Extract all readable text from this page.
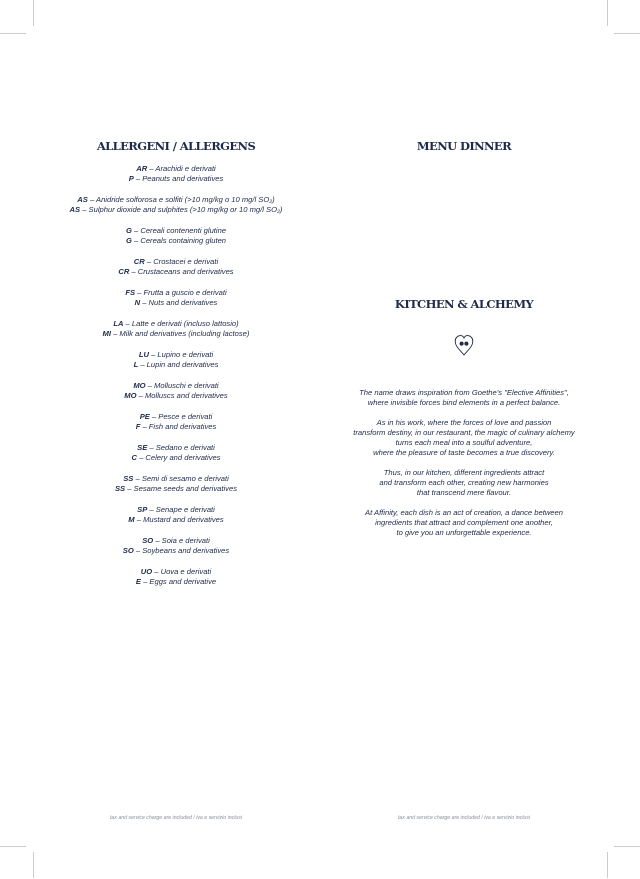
ALLERGENI / ALLERGENS
AR – Arachidi e derivati
P – Peanuts and derivatives
AS – Anidride solforosa e solfiti (>10 mg/kg o 10 mg/l SO₂)
AS – Sulphur dioxide and sulphites (>10 mg/kg or 10 mg/l SO₂)
G – Cereali contenenti glutine
G – Cereals containing gluten
CR – Crostacei e derivati
CR – Crustaceans and derivatives
FS – Frutta a guscio e derivati
N – Nuts and derivatives
LA – Latte e derivati (incluso lattosio)
MI – Milk and derivatives (including lactose)
LU – Lupino e derivati
L – Lupin and derivatives
MO – Molluschi e derivati
MO – Molluscs and derivatives
PE – Pesce e derivati
F – Fish and derivatives
SE – Sedano e derivati
C – Celery and derivatives
SS – Semi di sesamo e derivati
SS – Sesame seeds and derivatives
SP – Senape e derivati
M – Mustard and derivatives
SO – Soia e derivati
SO – Soybeans and derivatives
UO – Uova e derivati
E – Eggs and derivative
MENU DINNER
KITCHEN & ALCHEMY
The name draws inspiration from Goethe’s "Elective Affinities",
where invisible forces bind elements in a perfect balance.
As in his work, where the forces of love and passion
transform destiny, in our restaurant, the magic of culinary alchemy
turns each meal into a soulful adventure,
where the pleasure of taste becomes a true discovery.
Thus, in our kitchen, different ingredients attract
and transform each other, creating new harmonies
that transcend mere flavour.
At Affinity, each dish is an act of creation, a dance between
ingredients that attract and complement one another,
to give you an unforgettable experience.
tax and service charge are included / iva e servizio inclusi	tax and service charge are included / iva e servizio inclusi
